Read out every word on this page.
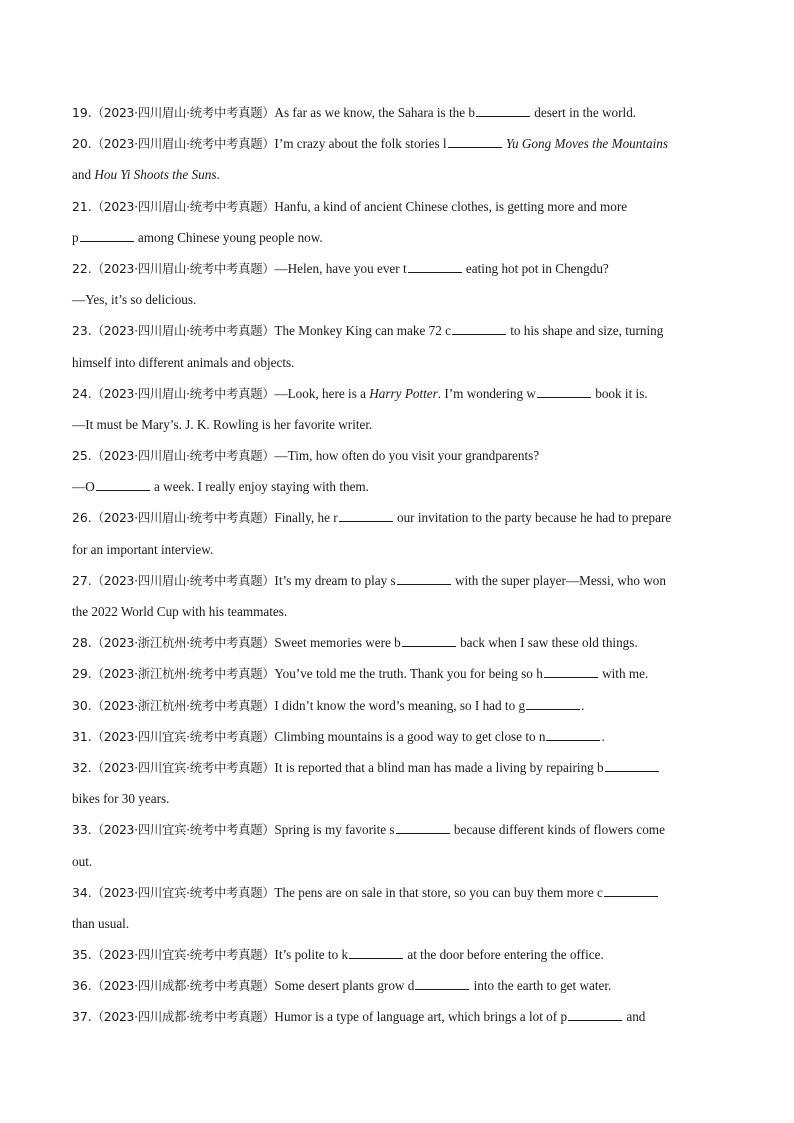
19.（2023·四川眉山·统考中考真题）As far as we know, the Sahara is the b	desert in the world.
20.（2023·四川眉山·统考中考真题）I’m crazy about the folk stories l	Yu Gong Moves the Mountains
and Hou Yi Shoots the Suns.
21.（2023·四川眉山·统考中考真题）Hanfu, a kind of ancient Chinese clothes, is getting more and more
p	among Chinese young people now.
22.（2023·四川眉山·统考中考真题）—Helen, have you ever t	eating hot pot in Chengdu?
—Yes, it’s so delicious.
23.（2023·四川眉山·统考中考真题）The Monkey King can make 72 c	to his shape and size, turning
himself into different animals and objects.
24.（2023·四川眉山·统考中考真题）—Look, here is a Harry Potter. I’m wondering w	book it is.
—It must be Mary’s. J. K. Rowling is her favorite writer.
25.（2023·四川眉山·统考中考真题）—Tim, how often do you visit your grandparents?
—O	a week. I really enjoy staying with them.
26.（2023·四川眉山·统考中考真题）Finally, he r	our invitation to the party because he had to prepare
for an important interview.
27.（2023·四川眉山·统考中考真题）It’s my dream to play s	with the super player—Messi, who won
the 2022 World Cup with his teammates.
28.（2023·浙江杭州·统考中考真题）Sweet memories were b	back when I saw these old things.
29.（2023·浙江杭州·统考中考真题）You’ve told me the truth. Thank you for being so h	with me.
30.（2023·浙江杭州·统考中考真题）I didn’t know the word’s meaning, so I had to g	.
31.（2023·四川宜宾·统考中考真题）Climbing mountains is a good way to get close to n	.
32.（2023·四川宜宾·统考中考真题）It is reported that a blind man has made a living by repairing b
bikes for 30 years.
33.（2023·四川宜宾·统考中考真题）Spring is my favorite s	because different kinds of flowers come
out.
34.（2023·四川宜宾·统考中考真题）The pens are on sale in that store, so you can buy them more c
than usual.
35.（2023·四川宜宾·统考中考真题）It’s polite to k	at the door before entering the office.
36.（2023·四川成都·统考中考真题）Some desert plants grow d	into the earth to get water.
37.（2023·四川成都·统考中考真题）Humor is a type of language art, which brings a lot of p	and
